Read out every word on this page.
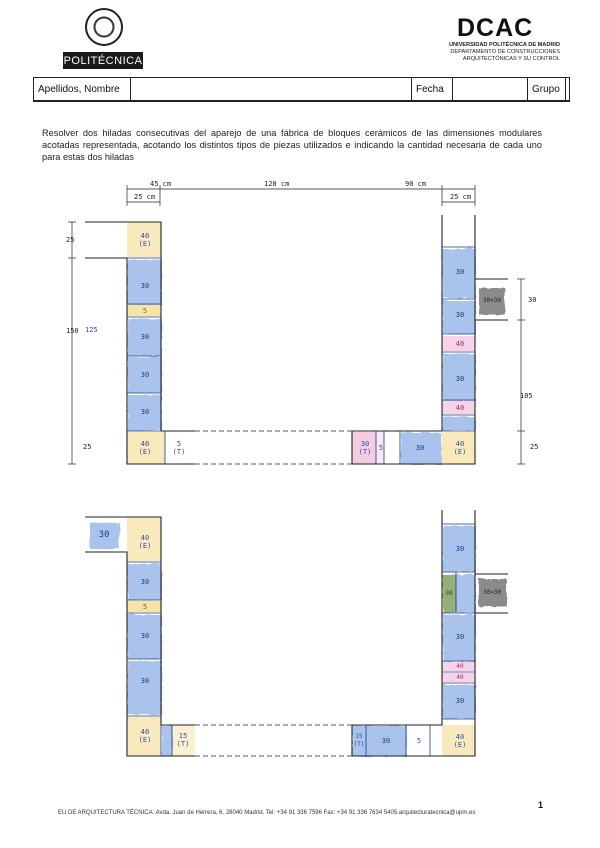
POLITÉCNICA
DCAC
UNIVERSIDAD POLITÉCNICA DE MADRID
DEPARTAMENTO DE CONSTRUCCIONES
ARQUITECTÓNICAS Y SU CONTROL
Apellidos, Nombre	Fecha	Grupo
Resolver dos hiladas consecutivas del aparejo de una fábrica de bloques cerámicos de las dimensiones modulares acotadas representada, acotando los distintos tipos de piezas utilizados e indicando la cantidad necesaria de cada uno para estas dos hiladas
45 cm	120 cm	90 cm
25 cm	25 cm
25
150 125
25
30
105
25
40
(E)
30
5
30
30
30
40
(E)
5
(T)
30
30
40
30
40
40
(E)
30×30
30
(T)	5	30
30	40
(E)
30
5
30
30
40
(E)	15
(T)
30
30
40
40
30
30
40
(E)
30×30
15
(T)	30	5
1
EU DE ARQUITECTURA TÉCNICA. Avda. Juan de Herrera, 6. 28040 Madrid. Tel: +34 91 336 7596 Fax: +34 91 336 7634 5405.arquitecturatecnica@upm.es
